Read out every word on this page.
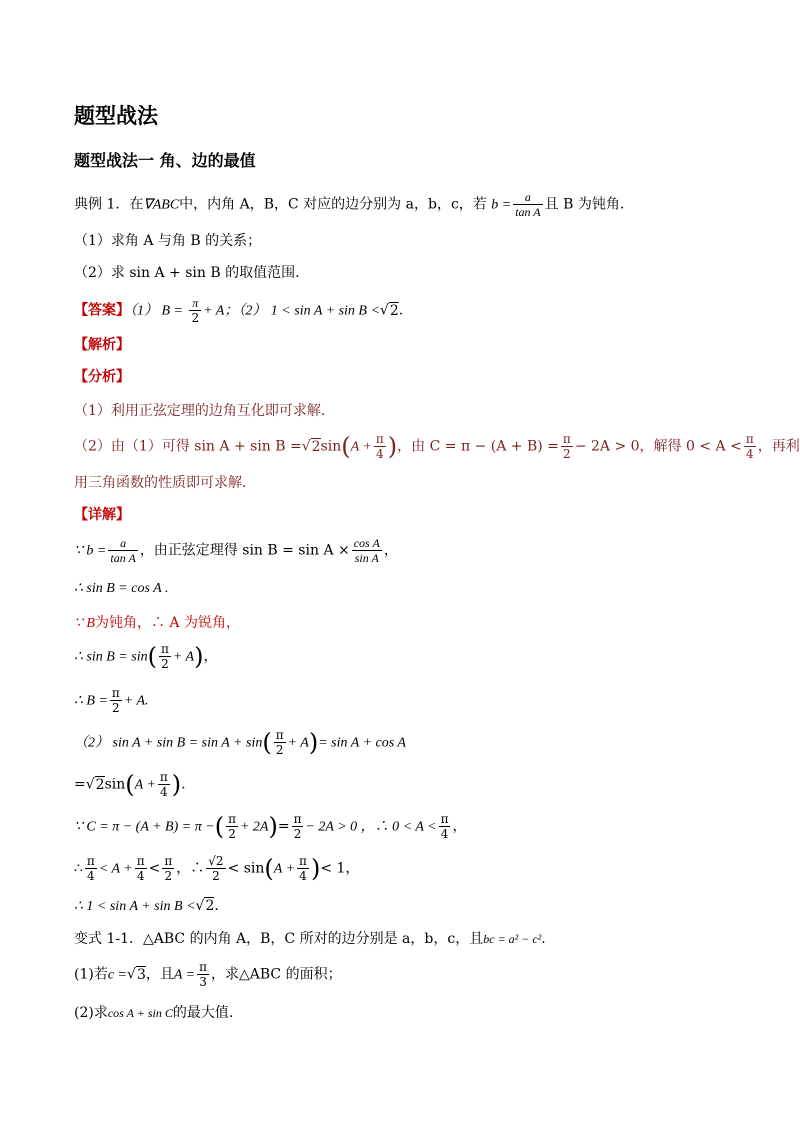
题型战法
题型战法一 角、边的最值
典例 1．在∇ABC中，内角 A，B，C 对应的边分别为 a，b，c，若 $b = \frac{a}{\text{tan A}}$ 且 B 为钝角.
（1）求角 A 与角 B 的关系；
（2）求 sin A + sin B 的取值范围.
【答案】（1） $B = \frac{\pi}{2} + A$；（2） 1 < sin A + sin B <√2.
【解析】
【分析】
（1）利用正弦定理的边角互化即可求解．
（2）由（1）可得 $\sin A + \sin B =√2\sin(A + \frac{\pi}{4}$ )，由 $C = \pi - (A + B) = \frac{\pi}{2} - 2A > 0$，解得 $0 < A < \frac{\pi}{4}$ ，再利
用三角函数的性质即可求解．
【详解】
∵ $b = \frac{a}{\text{tan A}}$ ，由正弦定理得 $\sin B = \sin A \times \frac{\text{cos A}}{\text{sin A}}$ ，
∴ sin B = cos A .
∵ B为钝角，∴ A 为锐角，
∴ $\sin B = \sin( \frac{\pi}{2} + A)$，
∴ $B = \frac{\pi}{2} + A$.
（2） $\sin A + \sin B = \sin A + \sin( \frac{\pi}{2} + A)= \sin A + \cos A$
$=√2\sin(A + \frac{\pi}{4}$ ).
∵ C = π − (A + B) = π −( $\frac{\pi}{2} + 2A)= \frac{\pi}{2} - 2A > 0$ ，∴ $0 < A < \frac{\pi}{4}$ ，
∴ $\frac{\pi}{4} < A + \frac{\pi}{4} < \frac{\pi}{2}$ ，∴ $\frac{√2}{2} < \sin(A + \frac{\pi}{4}$ )< 1，
∴ 1 < sin A + sin B <√2.
变式 1-1．△ABC 的内角 A，B，C 所对的边分别是 a，b，c，且bc = a² − c².
(1)若c =√3，且$A = \frac{\pi}{3}$ ，求△ABC 的面积；
(2)求cos A + sin C的最大值.
